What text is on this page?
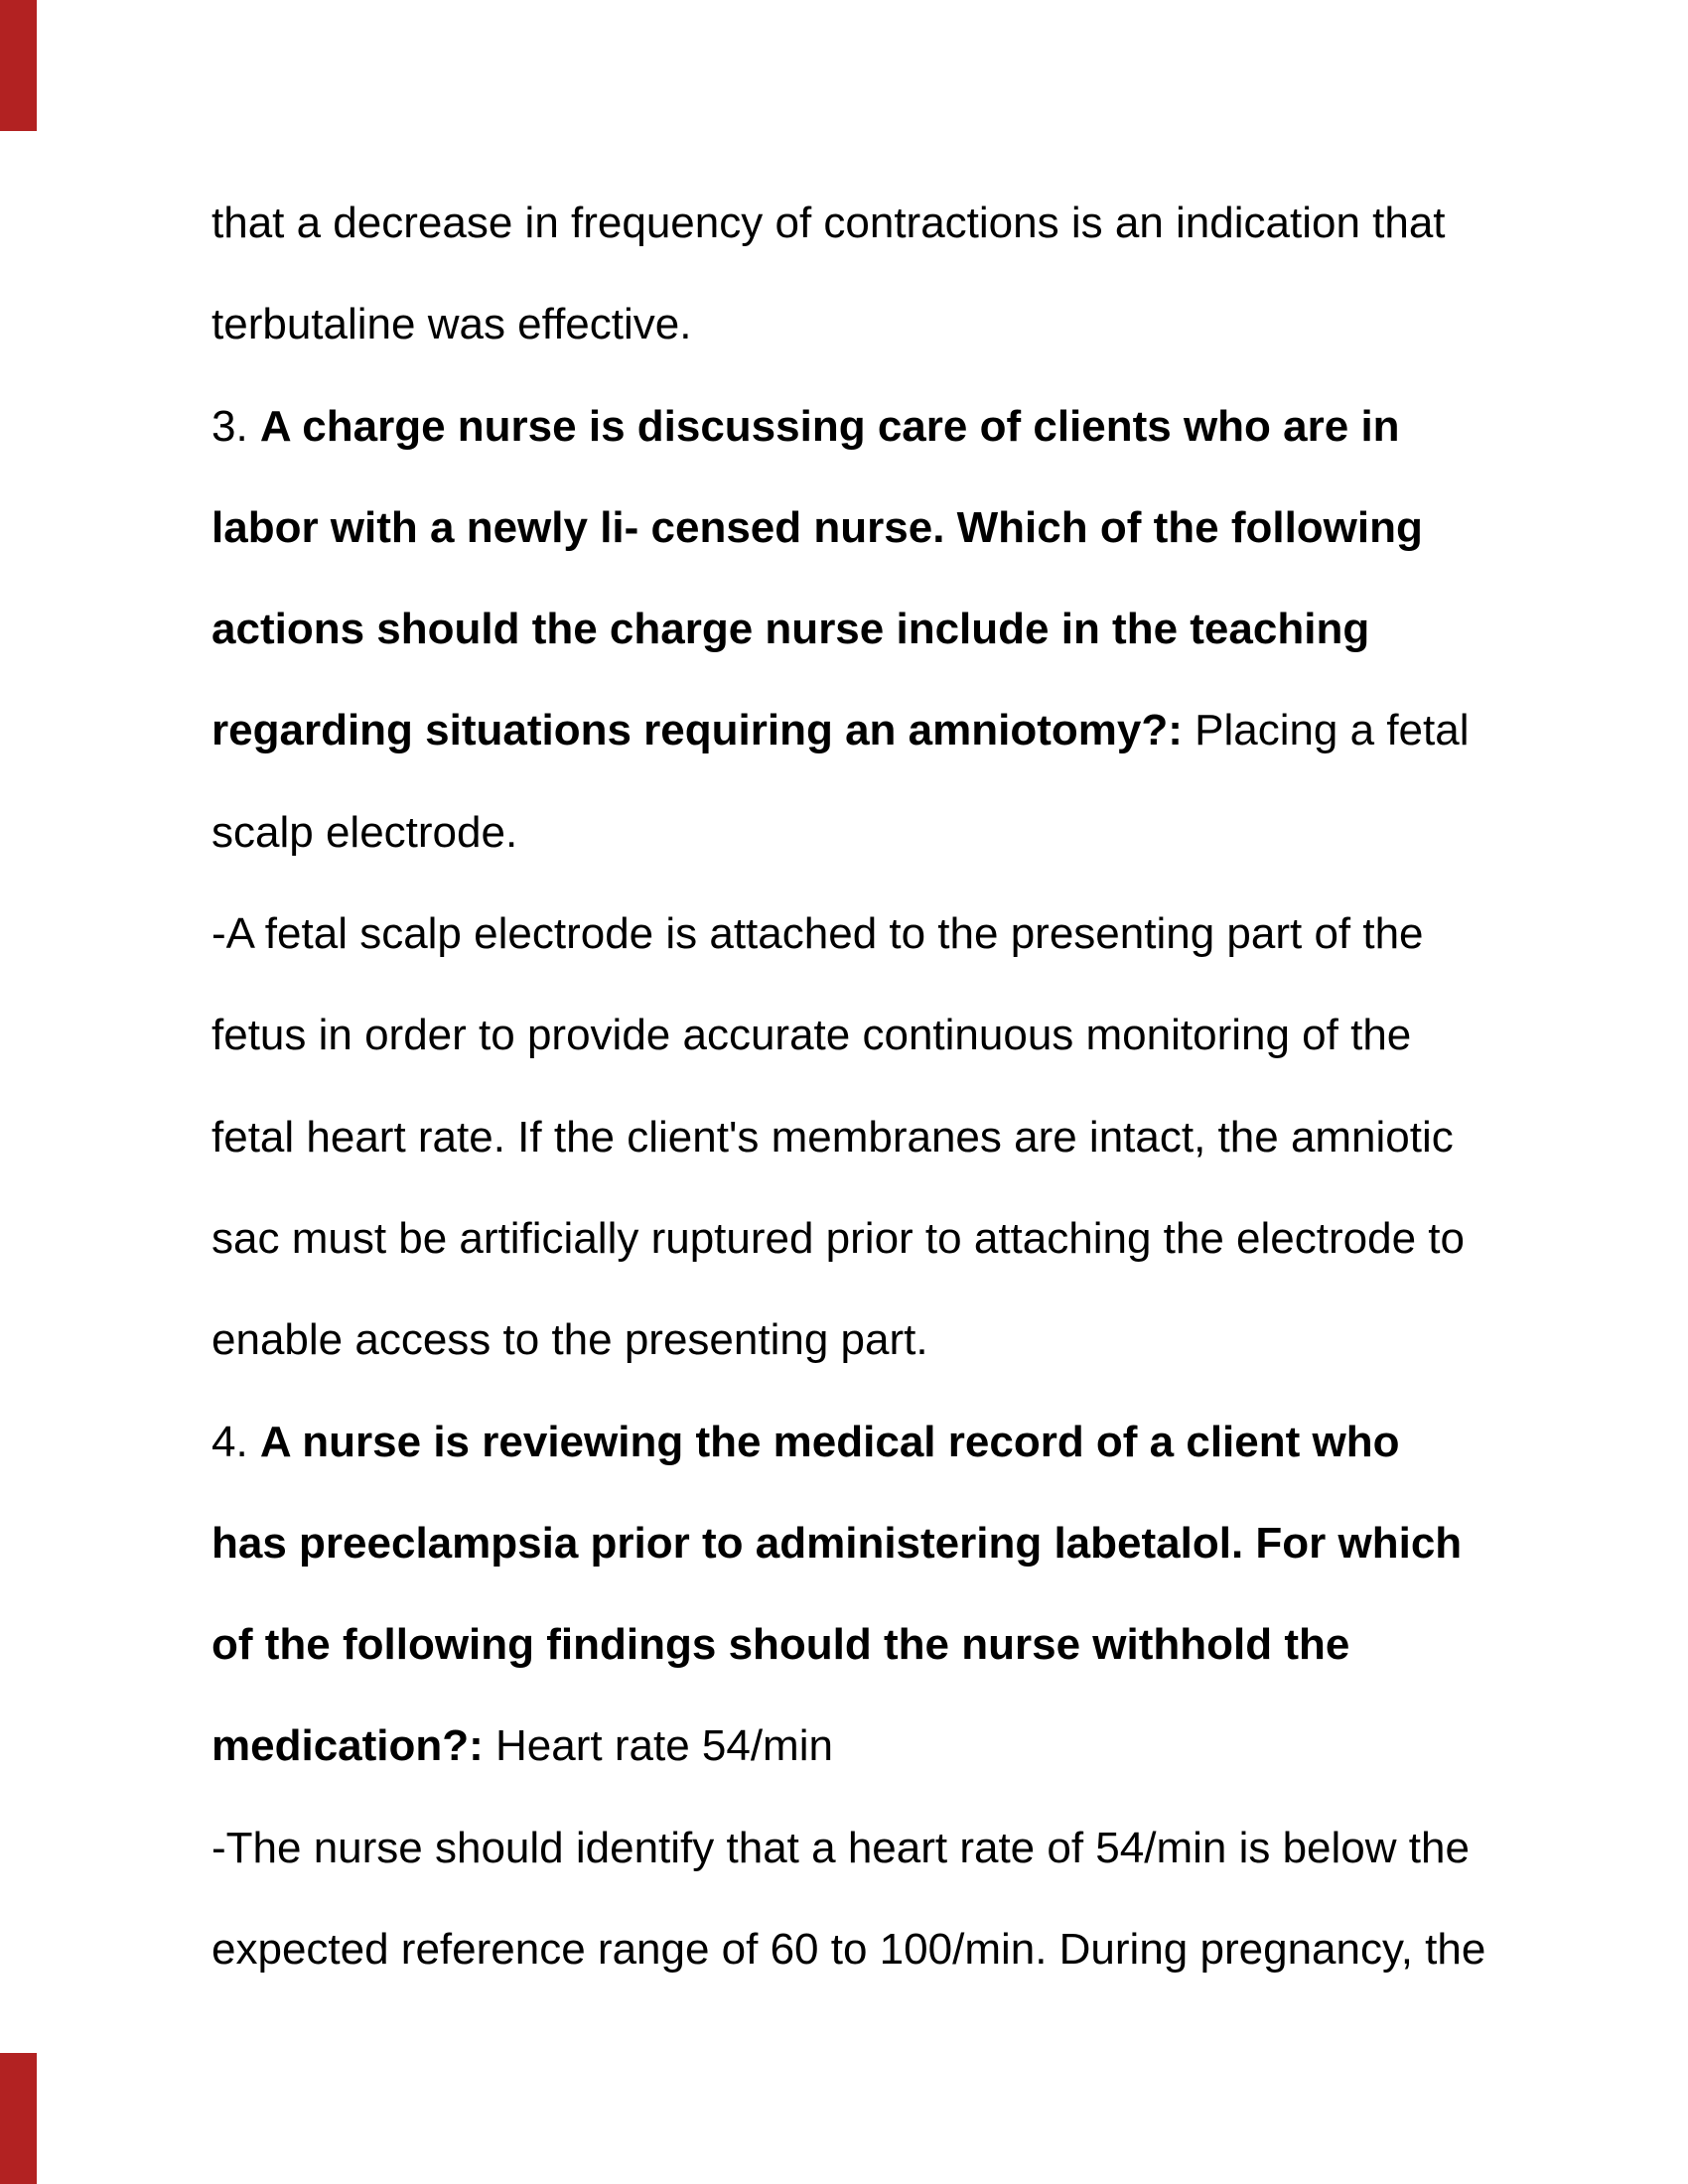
that a decrease in frequency of contractions is an indication that
terbutaline was effective.
3. A charge nurse is discussing care of clients who are in
labor with a newly li- censed nurse. Which of the following
actions should the charge nurse include in the teaching
regarding situations requiring an amniotomy?: Placing a fetal
scalp electrode.
-A fetal scalp electrode is attached to the presenting part of the
fetus in order to provide accurate continuous monitoring of the
fetal heart rate. If the client's membranes are intact, the amniotic
sac must be artificially ruptured prior to attaching the electrode to
enable access to the presenting part.
4. A nurse is reviewing the medical record of a client who
has preeclampsia prior to administering labetalol. For which
of the following findings should the nurse withhold the
medication?: Heart rate 54/min
-The nurse should identify that a heart rate of 54/min is below the
expected reference range of 60 to 100/min. During pregnancy, the
